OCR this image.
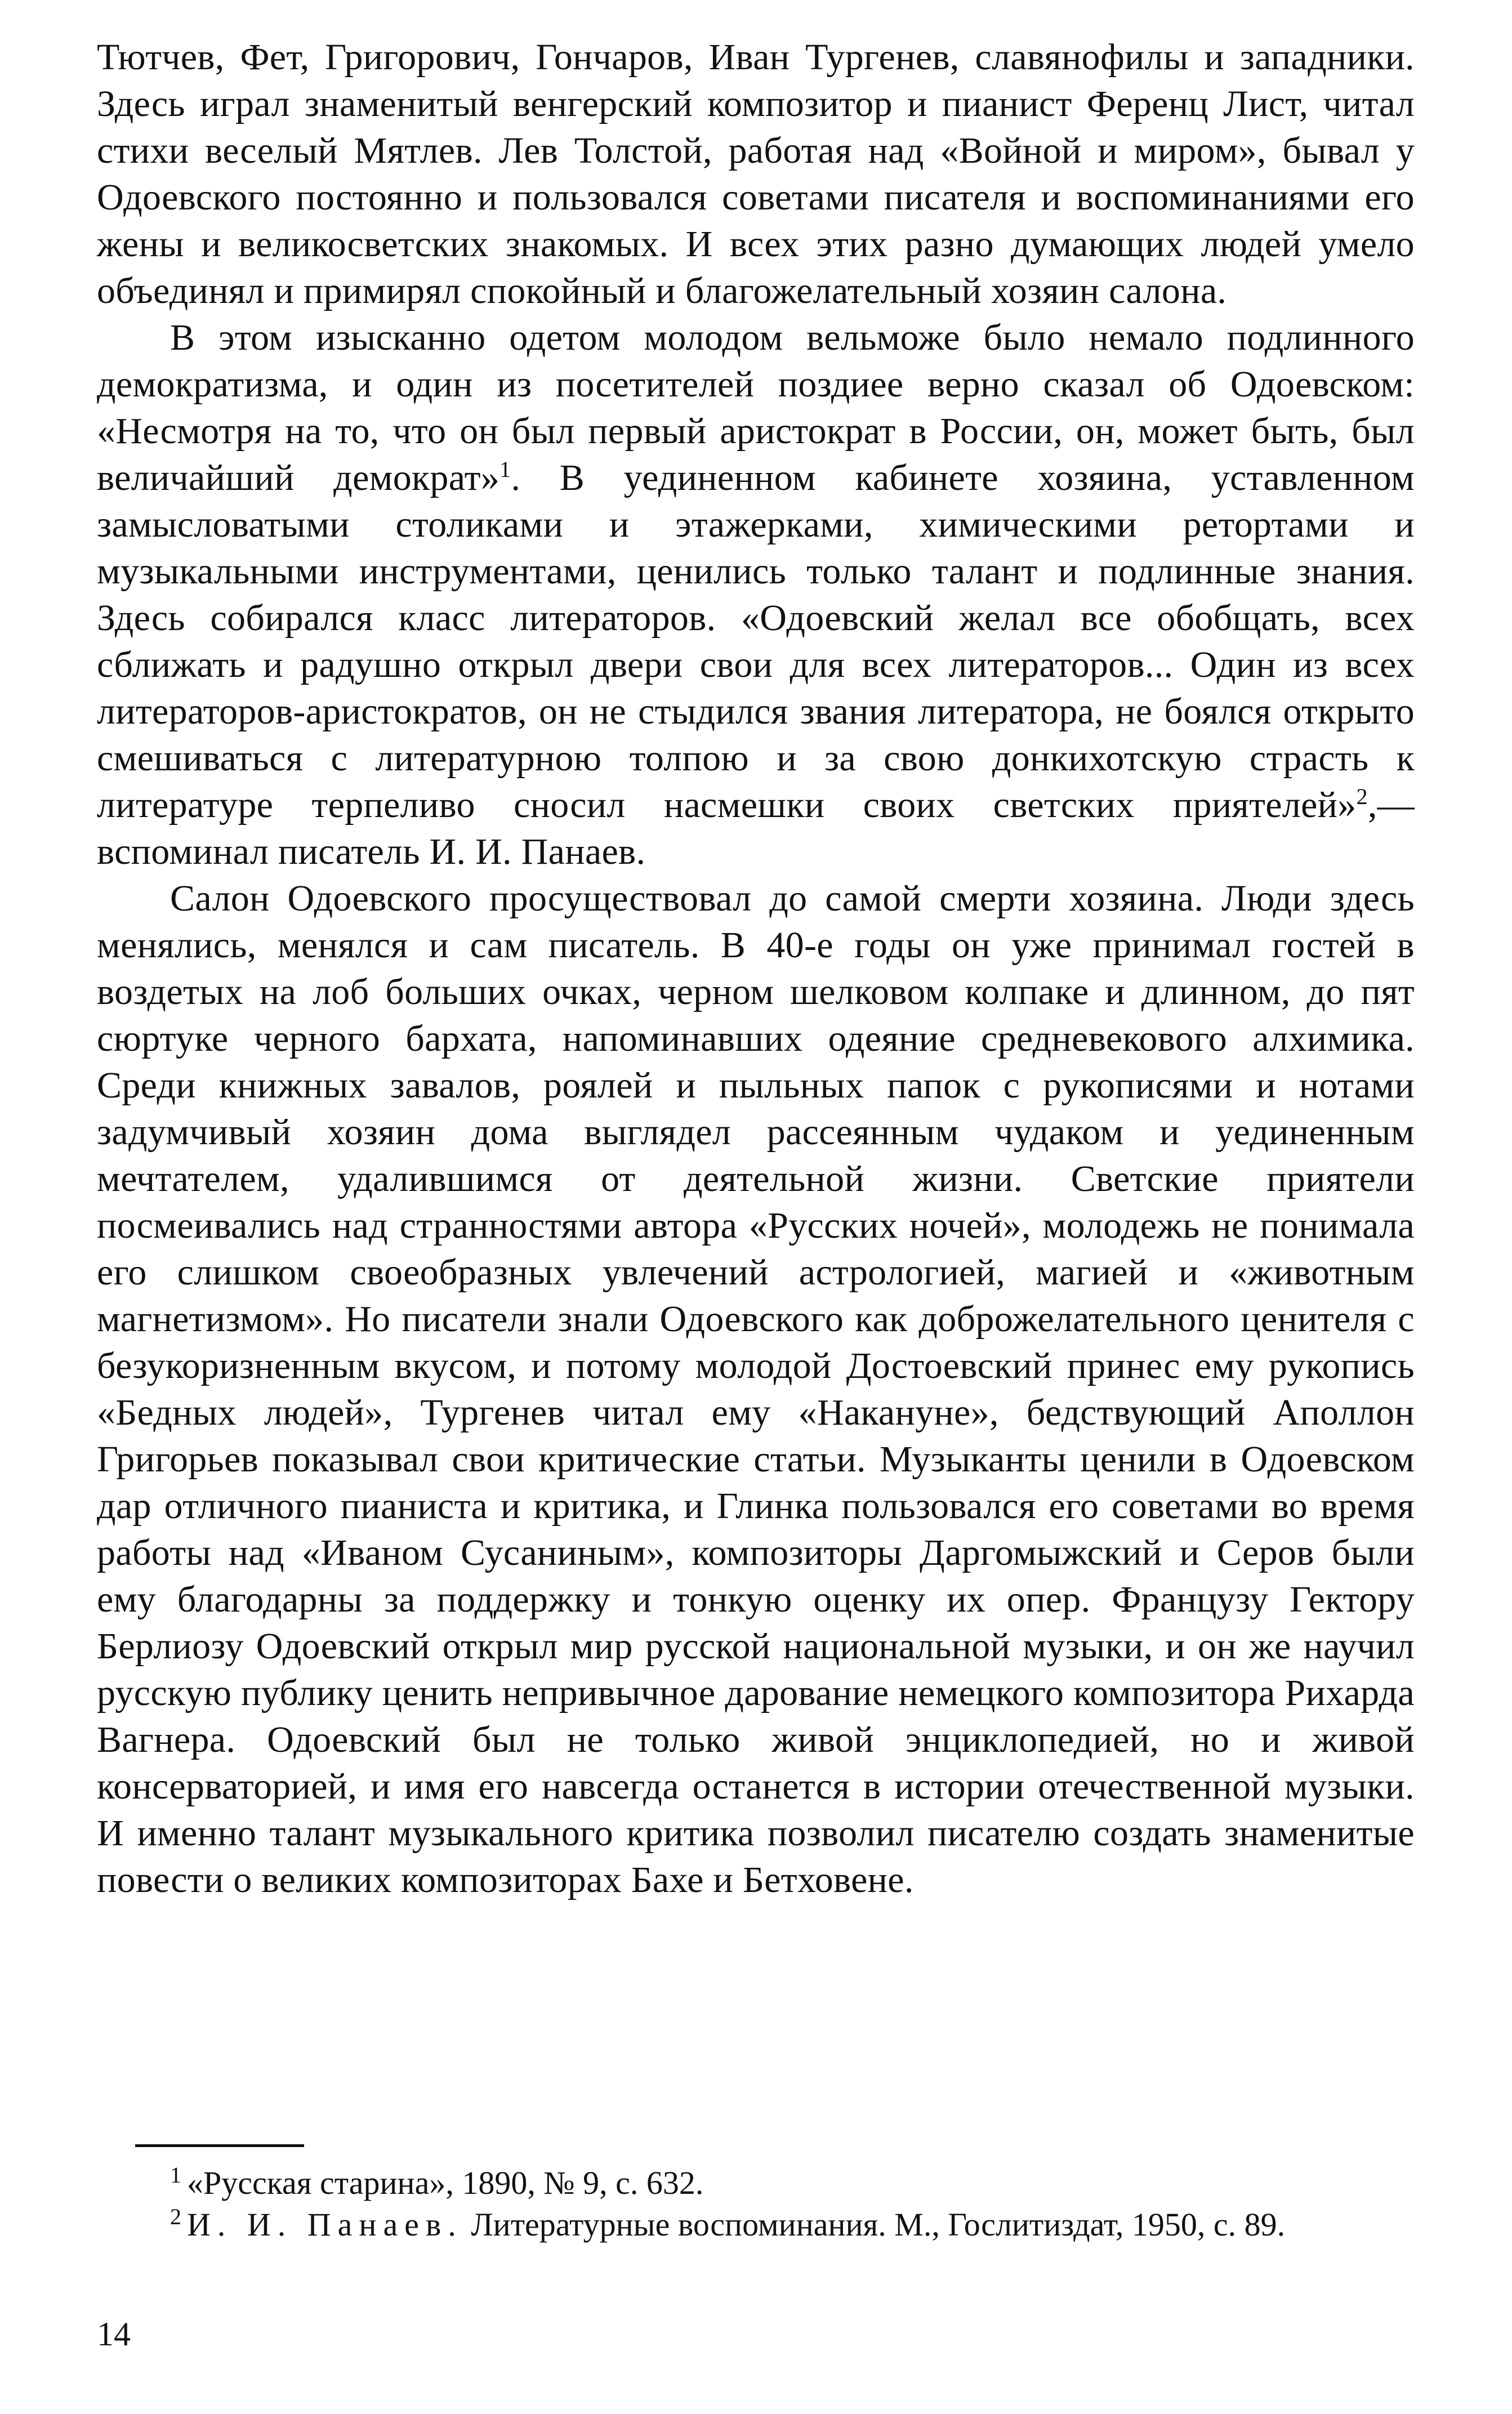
Тютчев, Фет, Григорович, Гончаров, Иван Тургенев, славянофилы и западники. Здесь играл знаменитый венгерский композитор и пианист Ференц Лист, читал стихи веселый Мятлев. Лев Толстой, работая над «Войной и миром», бывал у Одоевского постоянно и пользовался советами писателя и воспоминаниями его жены и великосветских знакомых. И всех этих разно думающих людей умело объединял и примирял спокойный и благожелательный хозяин салона.

В этом изысканно одетом молодом вельможе было немало подлинного демократизма, и один из посетителей поздиее верно сказал об Одоевском: «Несмотря на то, что он был первый аристократ в России, он, может быть, был величайший демократ»$^1$. В уединенном кабинете хозяина, уставленном замысловатыми столиками и этажерками, химическими ретортами и музыкальными инструментами, ценились только талант и подлинные знания. Здесь собирался класс литераторов. «Одоевский желал все обобщать, всех сближать и радушно открыл двери свои для всех литераторов... Один из всех литераторов-аристократов, он не стыдился звания литератора, не боялся открыто смешиваться с литературною толпою и за свою донкихотскую страсть к литературе терпеливо сносил насмешки своих светских приятелей»$^2$,— вспоминал писатель И. И. Панаев.

Салон Одоевского просуществовал до самой смерти хозяина. Люди здесь менялись, менялся и сам писатель. В 40-е годы он уже принимал гостей в воздетых на лоб больших очках, черном шелковом колпаке и длинном, до пят сюртуке черного бархата, напоминавших одеяние средневекового алхимика. Среди книжных завалов, роялей и пыльных папок с рукописями и нотами задумчивый хозяин дома выглядел рассеянным чудаком и уединенным мечтателем, удалившимся от деятельной жизни. Светские приятели посмеивались над странностями автора «Русских ночей», молодежь не понимала его слишком своеобразных увлечений астрологией, магией и «животным магнетизмом». Но писатели знали Одоевского как доброжелательного ценителя с безукоризненным вкусом, и потому молодой Достоевский принес ему рукопись «Бедных людей», Тургенев читал ему «Накануне», бедствующий Аполлон Григорьев показывал свои критические статьи. Музыканты ценили в Одоевском дар отличного пианиста и критика, и Глинка пользовался его советами во время работы над «Иваном Сусаниным», композиторы Даргомыжский и Серов были ему благодарны за поддержку и тонкую оценку их опер. Французу Гектору Берлиозу Одоевский открыл мир русской национальной музыки, и он же научил русскую публику ценить непривычное дарование немецкого композитора Рихарда Вагнера. Одоевский был не только живой энциклопедией, но и живой консерваторией, и имя его навсегда останется в истории отечественной музыки. И именно талант музыкального критика позволил писателю создать знаменитые повести о великих композиторах Бахе и Бетховене.

$^1$ «Русская старина», 1890, № 9, с. 632.

$^2$ И. И. Панаев. Литературные воспоминания. М., Гослитиздат, 1950, с. 89.

14
